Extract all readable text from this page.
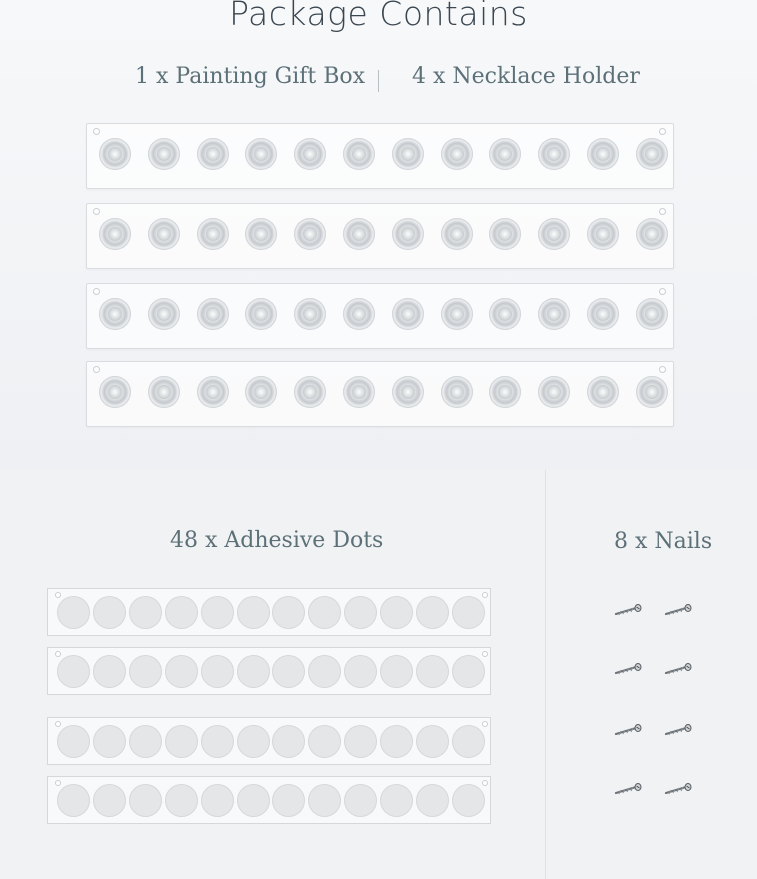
Package Contains
1 x Painting Gift Box 4 x Necklace Holder
48 x Adhesive Dots	8 x Nails
